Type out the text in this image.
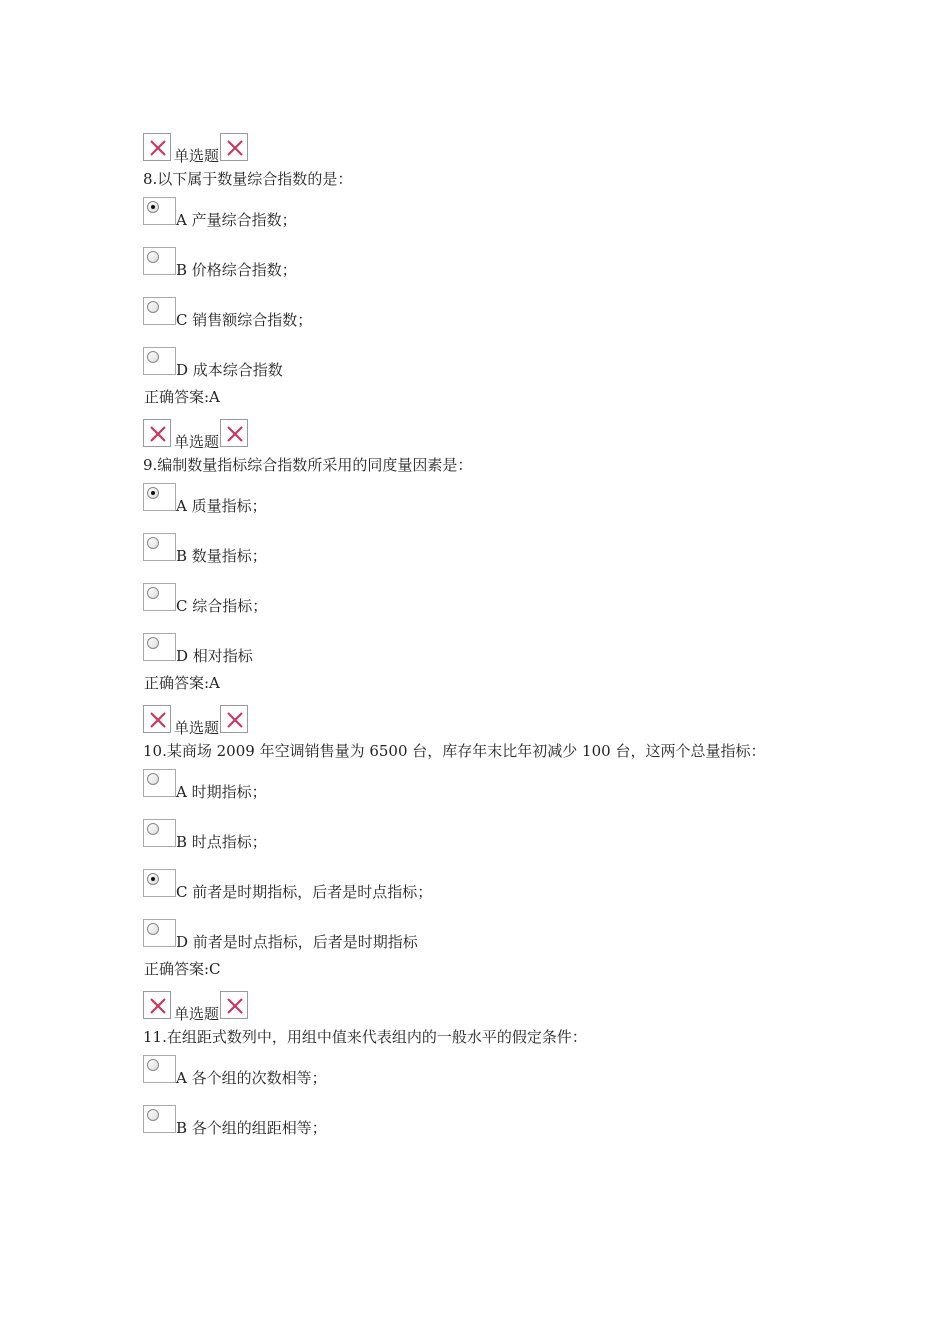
单选题
8.以下属于数量综合指数的是：
A 产量综合指数；
B 价格综合指数；
C 销售额综合指数；
D 成本综合指数
正确答案:A
单选题
9.编制数量指标综合指数所采用的同度量因素是：
A 质量指标；
B 数量指标；
C 综合指标；
D 相对指标
正确答案:A
单选题
10.某商场 2009 年空调销售量为 6500 台，库存年末比年初减少 100 台，这两个总量指标：
A 时期指标；
B 时点指标；
C 前者是时期指标，后者是时点指标；
D 前者是时点指标，后者是时期指标
正确答案:C
单选题
11.在组距式数列中，用组中值来代表组内的一般水平的假定条件：
A 各个组的次数相等；
B 各个组的组距相等；
